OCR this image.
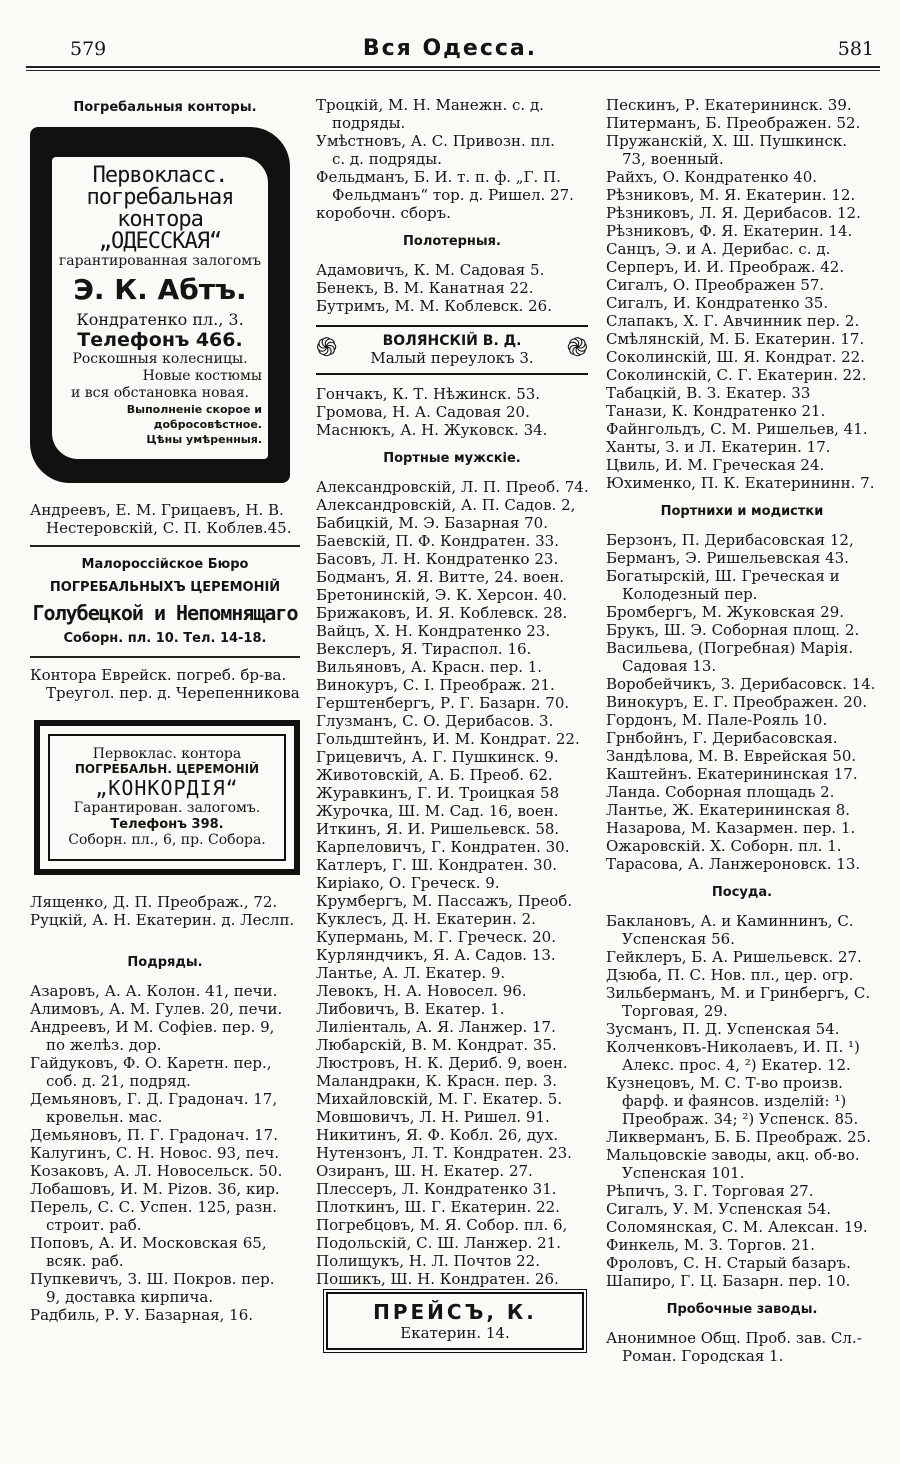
579	Вся Одесса.	581
Погребальныя конторы.
Первокласс. погребальная
контора „ОДЕССКАЯ“
гарантированная залогомъ
Э. К. Абтъ.
Кондратенко пл., 3.
Телефонъ 466.
Роскошныя колесницы.
Новые костюмы
и вся обстановка новая.
Выполненіе скорое и
добросовѣстное.
Цѣны умѣренныя.

Андреевъ, Е. М. Грицаевъ, Н. В.

Нестеровскій, С. П. Коблев.45.

Малороссійское Бюро
ПОГРЕБАЛЬНЫХЪ ЦЕРЕМОНІЙ
Голубецкой и Непомнящаго
Соборн. пл. 10. Тел. 14-18.

Контора Еврейск. погреб. бр-ва.

Треугол. пер. д. Черепенникова

Первоклас. контора
ПОГРЕБАЛЬН. ЦЕРЕМОНІЙ
„КОНКОРДІЯ“
Гарантирован. залогомъ.
Телефонъ 398.
Соборн. пл., 6, пр. Собора.

Лященко, Д. П. Преображ., 72.

Руцкій, А. Н. Екатерин. д. Леслп.

Подряды.

Азаровъ, А. А. Колон. 41, печи.

Алимовъ, А. М. Гулев. 20, печи.

Андреевъ, И М. Софіев. пер. 9,

по желѣз. дор.

Гайдуковъ, Ф. О. Каретн. пер.,

соб. д. 21, подряд.

Демьяновъ, Г. Д. Градонач. 17,

кровельн. мас.

Демьяновъ, П. Г. Градонач. 17.

Калугинъ, С. Н. Новос. 93, печ.

Козаковъ, А. Л. Новосельск. 50.

Лобашовъ, И. М. Рizов. 36, кир.

Перель, С. С. Успен. 125, разн.

строит. раб.

Поповъ, А. И. Московская 65,

всяк. раб.

Пупкевичъ, З. Ш. Покров. пер.

9, доставка кирпича.

Радбиль, Р. У. Базарная, 16.

Троцкій, М. Н. Манежн. с. д.

подряды.

Умѣстновъ, А. С. Привозн. пл.

с. д. подряды.

Фельдманъ, Б. И. т. п. ф. „Г. П.

Фельдманъ“ тор. д. Ришел. 27.

коробочн. сборъ.

Полотерныя.

Адамовичъ, К. М. Садовая 5.

Бенекъ, В. М. Канатная 22.

Бутримъ, М. М. Коблевск. 26.

֍	ВОЛЯНСКІЙ В. Д.
Малый переулокъ 3.	֎

Гончакъ, К. Т. Нѣжинск. 53.

Громова, Н. А. Садовая 20.

Маснюкъ, А. Н. Жуковск. 34.

Портные мужскіе.

Александровскій, Л. П. Преоб. 74.

Александровскій, А. П. Садов. 2,

Бабицкій, М. Э. Базарная 70.

Баевскій, П. Ф. Кондратен. 33.

Басовъ, Л. Н. Кондратенко 23.

Бодманъ, Я. Я. Витте, 24. воен.

Бретонинскій, Э. К. Херсон. 40.

Брижаковъ, И. Я. Коблевск. 28.

Вайцъ, Х. Н. Кондратенко 23.

Векслеръ, Я. Тираспол. 16.

Вильяновъ, А. Красн. пер. 1.

Винокуръ, С. І. Преображ. 21.

Герштенбергъ, Р. Г. Базарн. 70.

Глузманъ, С. О. Дерибасов. 3.

Гольдштейнъ, И. М. Кондрат. 22.

Грицевичъ, А. Г. Пушкинск. 9.

Животовскій, А. Б. Преоб. 62.

Журавкинъ, Г. И. Троицкая 58

Журочка, Ш. М. Сад. 16, воен.

Иткинъ, Я. И. Ришельевск. 58.

Карпеловичъ, Г. Кондратен. 30.

Катлеръ, Г. Ш. Кондратен. 30.

Киріако, О. Греческ. 9.

Крумбергъ, М. Пассажъ, Преоб.

Куклесъ, Д. Н. Екатерин. 2.

Купермань, М. Г. Греческ. 20.

Курляндчикъ, Я. А. Садов. 13.

Лантье, А. Л. Екатер. 9.

Левокъ, Н. А. Новосел. 96.

Либовичъ, В. Екатер. 1.

Лиліенталь, А. Я. Ланжер. 17.

Любарскій, В. М. Кондрат. 35.

Люстровъ, Н. К. Дериб. 9, воен.

Маландракн, К. Красн. пер. 3.

Михайловскій, М. Г. Екатер. 5.

Мовшовичъ, Л. Н. Ришел. 91.

Никитинъ, Я. Ф. Кобл. 26, дух.

Нутензонъ, Л. Т. Кондратен. 23.

Озиранъ, Ш. Н. Екатер. 27.

Плессеръ, Л. Кондратенко 31.

Плоткинъ, Ш. Г. Екатерин. 22.

Погребцовъ, М. Я. Собор. пл. 6,

Подольскій, С. Ш. Ланжер. 21.

Полищукъ, Н. Л. Почтов 22.

Пошикъ, Ш. Н. Кондратен. 26.

ПРЕЙСЪ, К.
Екатерин. 14.

Пескинъ, Р. Екатерининск. 39.

Питерманъ, Б. Преображен. 52.

Пружанскій, Х. Ш. Пушкинск.

73, военный.

Райхъ, О. Кондратенко 40.

Рѣзниковъ, М. Я. Екатерин. 12.

Рѣзниковъ, Л. Я. Дерибасов. 12.

Рѣзниковъ, Ф. Я. Екатерин. 14.

Санцъ, Э. и А. Дерибас. с. д.

Серперъ, И. И. Преображ. 42.

Сигалъ, О. Преображен 57.

Сигалъ, И. Кондратенко 35.

Слапакъ, Х. Г. Авчинник пер. 2.

Смѣлянскій, М. Б. Екатерин. 17.

Соколинскій, Ш. Я. Кондрат. 22.

Соколинскій, С. Г. Екатерин. 22.

Табацкій, В. З. Екатер. 33

Танази, К. Кондратенко 21.

Файнгольдъ, С. М. Ришельев, 41.

Ханты, З. и Л. Екатерин. 17.

Цвиль, И. М. Греческая 24.

Юхименко, П. К. Екатерининн. 7.

Портнихи и модистки

Берзонъ, П. Дерибасовская 12,

Берманъ, Э. Ришельевская 43.

Богатырскій, Ш. Греческая и

Колодезный пер.

Бромбергъ, М. Жуковская 29.

Брукъ, Ш. Э. Соборная площ. 2.

Васильева, (Погребная) Марія.

Садовая 13.

Воробейчикъ, З. Дерибасовск. 14.

Винокуръ, Е. Г. Преображен. 20.

Гордонъ, М. Пале-Рояль 10.

Грнбойнъ, Г. Дерибасовская.

Зандѣлова, М. В. Еврейская 50.

Каштейнъ. Екатерининская 17.

Ланда. Соборная площадь 2.

Лантье, Ж. Екатерининская 8.

Назарова, М. Казармен. пер. 1.

Ожаровскій. Х. Соборн. пл. 1.

Тарасова, А. Ланжероновск. 13.

Посуда.

Баклановъ, А. и Каминнинъ, С.

Успенская 56.

Гейклеръ, Б. А. Ришельевск. 27.

Дзюба, П. С. Нов. пл., цер. огр.

Зильберманъ, М. и Гринбергъ, С.

Торговая, 29.

Зусманъ, П. Д. Успенская 54.

Колченковъ-Николаевъ, И. П. ¹)

Алекс. прос. 4, ²) Екатер. 12.

Кузнецовъ, М. С. Т-во произв.

фарф. и фаянсов. изделій: ¹)

Преображ. 34; ²) Успенск. 85.

Ликверманъ, Б. Б. Преображ. 25.

Мальцовскіе заводы, акц. об-во.

Успенская 101.

Рѣпичъ, З. Г. Торговая 27.

Сигалъ, У. М. Успенская 54.

Соломянская, С. М. Алексан. 19.

Финкель, М. З. Торгов. 21.

Фроловъ, С. Н. Старый базаръ.

Шапиро, Г. Ц. Базарн. пер. 10.

Пробочные заводы.

Анонимное Общ. Проб. зав. Сл.-

Роман. Городская 1.
